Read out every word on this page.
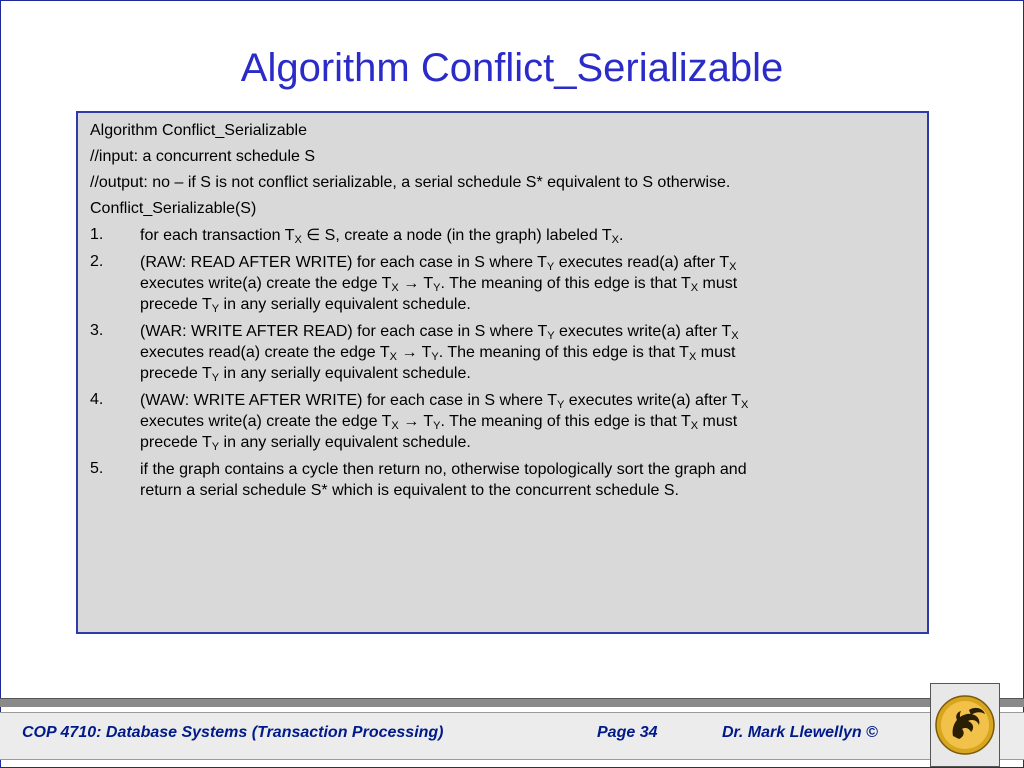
Algorithm Conflict_Serializable
Algorithm Conflict_Serializable
//input: a concurrent schedule S
//output: no – if S is not conflict serializable, a serial schedule S* equivalent to S otherwise.
Conflict_Serializable(S)
1. for each transaction $T_X$ ∈ S, create a node (in the graph) labeled $T_X$.
2. (RAW: READ AFTER WRITE) for each case in S where $T_Y$ executes read(a) after $T_X$
executes write(a) create the edge $T_X \to T_Y$. The meaning of this edge is that $T_X$ must
precede $T_Y$ in any serially equivalent schedule.
3. (WAR: WRITE AFTER READ) for each case in S where $T_Y$ executes write(a) after $T_X$
executes read(a) create the edge $T_X \to T_Y$. The meaning of this edge is that $T_X$ must
precede $T_Y$ in any serially equivalent schedule.
4. (WAW: WRITE AFTER WRITE) for each case in S where $T_Y$ executes write(a) after $T_X$
executes write(a) create the edge $T_X \to T_Y$. The meaning of this edge is that $T_X$ must
precede $T_Y$ in any serially equivalent schedule.
5. if the graph contains a cycle then return no, otherwise topologically sort the graph and
return a serial schedule S* which is equivalent to the concurrent schedule S.
COP 4710: Database Systems (Transaction Processing)	Page 34	Dr. Mark Llewellyn ©
